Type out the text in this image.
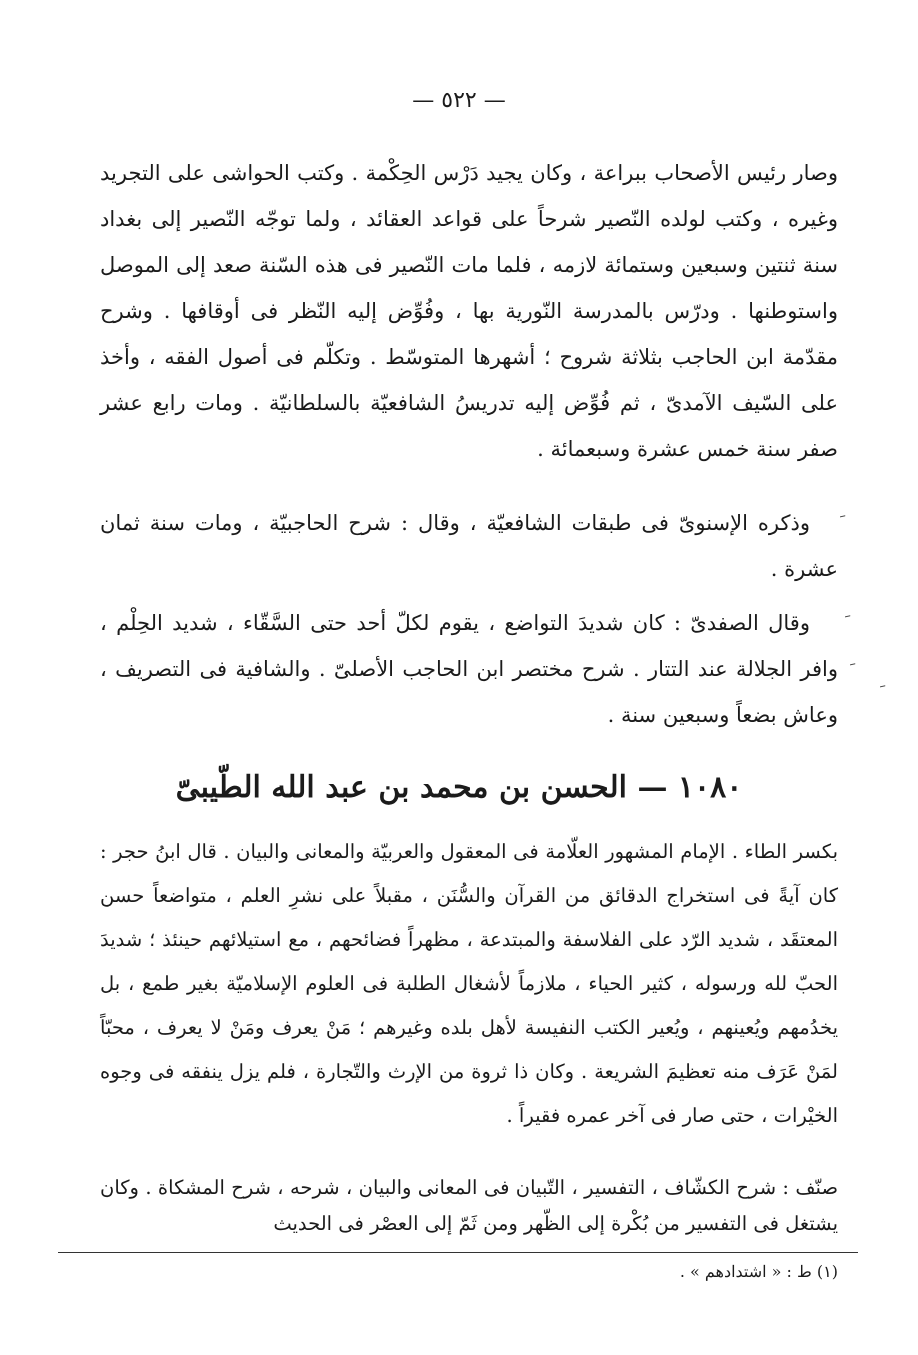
— ٥٢٢ —

وصار رئيس الأصحاب ببراعة ، وكان يجيد دَرْس الحِكْمة . وكتب الحواشى على التجريد وغيره ، وكتب لولده النّصير شرحاً على قواعد العقائد ، ولما توجّه النّصير إلى بغداد سنة ثنتين وسبعين وستمائة لازمه ، فلما مات النّصير فى هذه السّنة صعد إلى الموصل واستوطنها . ودرّس بالمدرسة النّورية بها ، وفُوِّض إليه النّظر فى أوقافها . وشرح مقدّمة ابن الحاجب بثلاثة شروح ؛ أشهرها المتوسّط . وتكلّم فى أصول الفقه ، وأخذ على السّيف الآمدىّ ، ثم فُوِّض إليه تدريسُ الشافعيّة بالسلطانيّة . ومات رابع عشر صفر سنة خمس عشرة وسبعمائة .

وذكره الإسنوىّ فى طبقات الشافعيّة ، وقال : شرح الحاجبيّة ، ومات سنة ثمان عشرة .

وقال الصفدىّ : كان شديدَ التواضع ، يقوم لكلّ أحد حتى السَّقّاء ، شديد الحِلْم ، وافر الجلالة عند التتار . شرح مختصر ابن الحاجب الأصلىّ . والشافية فى التصريف ، وعاش بضعاً وسبعين سنة .

١٠٨٠ — الحسن بن محمد بن عبد الله الطّيبىّ

بكسر الطاء . الإمام المشهور العلّامة فى المعقول والعربيّة والمعانى والبيان . قال ابنُ حجر : كان آيةً فى استخراج الدقائق من القرآن والسُّنَن ، مقبلاً على نشرِ العلم ، متواضعاً حسن المعتقَد ، شديد الرّد على الفلاسفة والمبتدعة ، مظهراً فضائحهم ، مع استيلائهم حينئذ ؛ شديدَ الحبّ لله ورسوله ، كثير الحياء ، ملازماً لأشغال الطلبة فى العلوم الإسلاميّة بغير طمع ، بل يخدُمهم ويُعينهم ، ويُعير الكتب النفيسة لأهل بلده وغيرهم ؛ مَنْ يعرف ومَنْ لا يعرف ، محبّاً لمَنْ عَرَف منه تعظيمَ الشريعة . وكان ذا ثروة من الإرث والتّجارة ، فلم يزل ينفقه فى وجوه الخيْرات ، حتى صار فى آخر عمره فقيراً .

صنّف : شرح الكشّاف ، التفسير ، التّبيان فى المعانى والبيان ، شرحه ، شرح المشكاة . وكان يشتغل فى التفسير من بُكْرة إلى الظّهر ومن ثَمّ إلى العصْر فى الحديث

(١) ط : « اشتدادهم » .
ﹶ
ﹶ
ﹶ
ﹶ
